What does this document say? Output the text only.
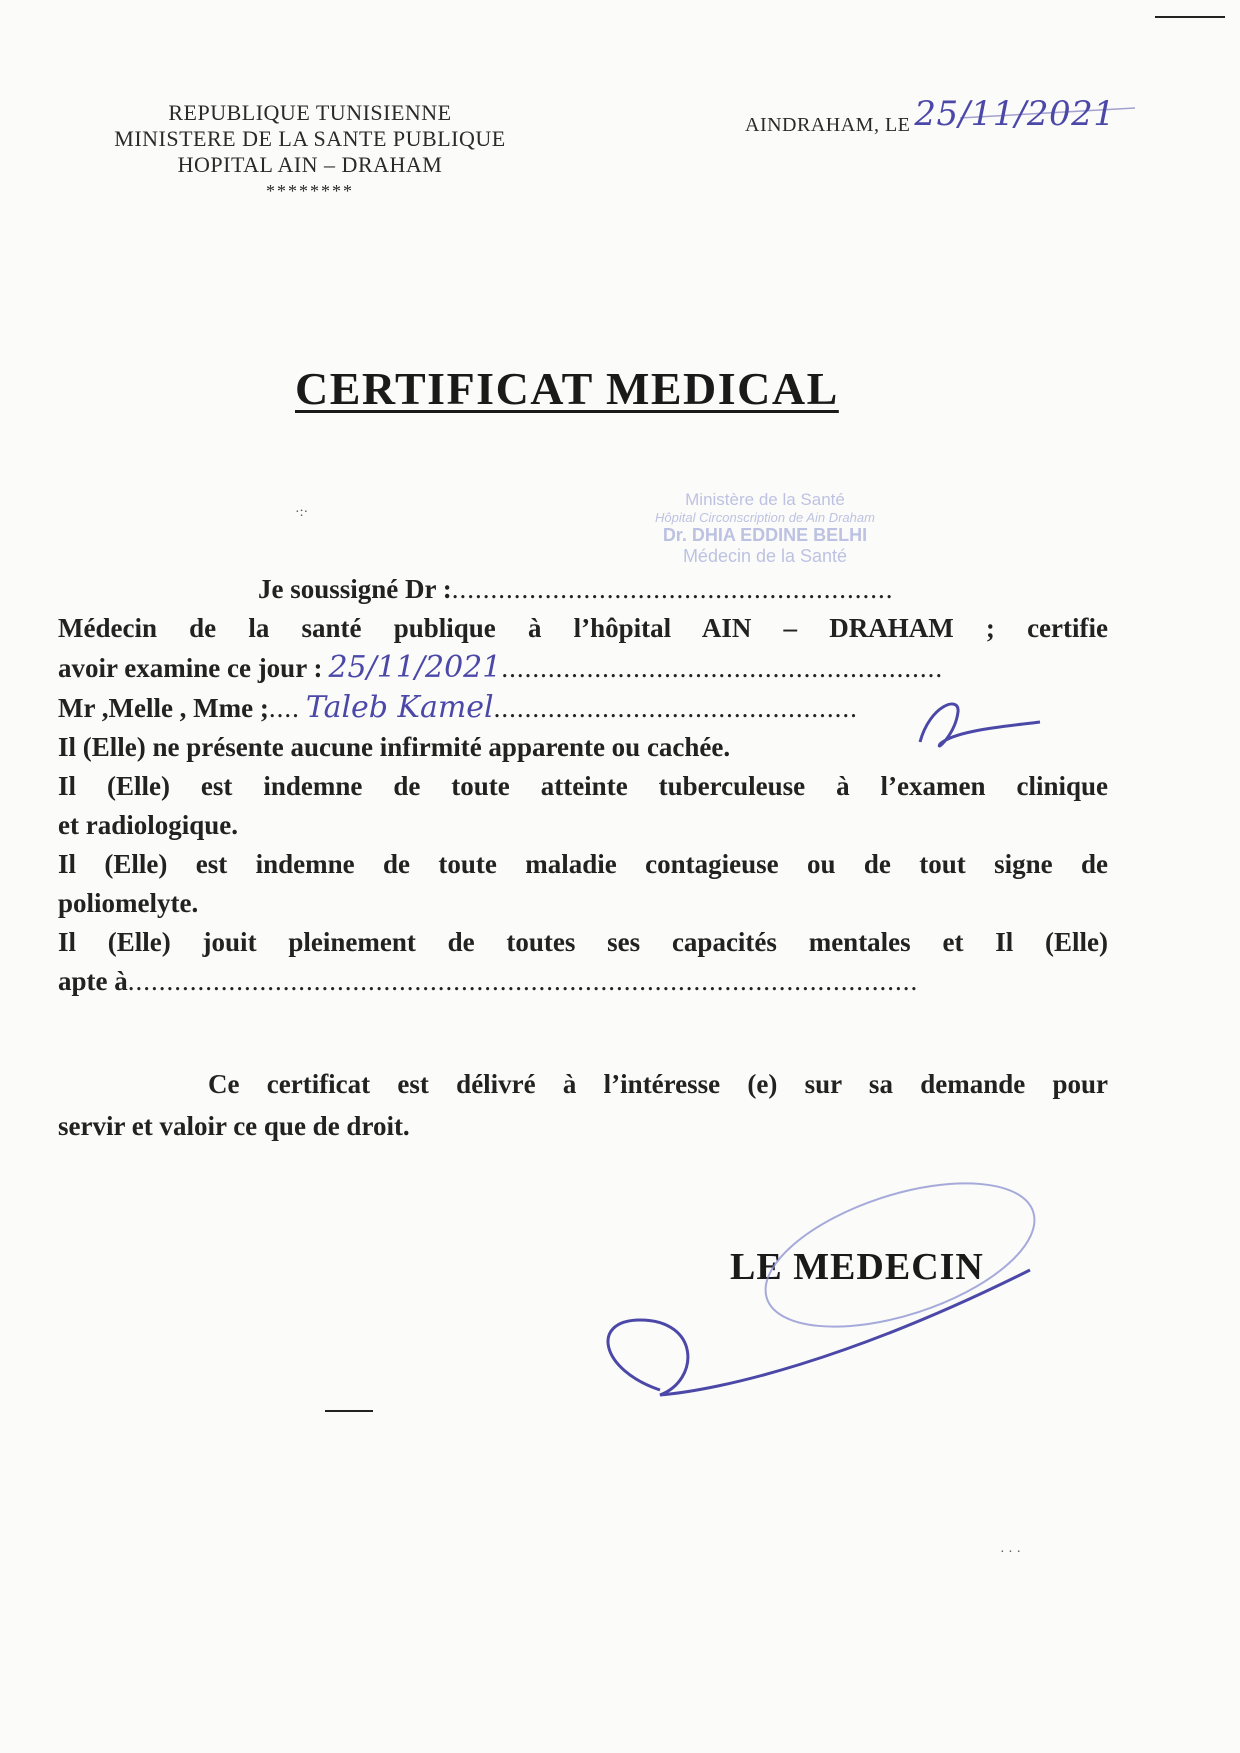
REPUBLIQUE TUNISIENNE
MINISTERE DE LA SANTE PUBLIQUE
HOPITAL AIN – DRAHAM
********
AINDRAHAM, LE 25/11/2021
CERTIFICAT MEDICAL
Ministère de la Santé
Hôpital Circonscription de Ain Draham
Dr. DHIA EDDINE BELHI
Médecin de la Santé
Je soussigné Dr :.........................................................
Médecin de la santé publique à l’hôpital AIN – DRAHAM ; certifie
avoir examine ce jour : 25/11/2021.........................................................
Mr ,Melle , Mme ;.... Taleb Kamel...............................................
Il (Elle) ne présente aucune infirmité apparente ou cachée.
Il (Elle) est indemne de toute atteinte tuberculeuse à l’examen clinique
et radiologique.
Il (Elle) est indemne de toute maladie contagieuse ou de tout signe de
poliomelyte.
Il (Elle) jouit pleinement de toutes ses capacités mentales et Il (Elle)
apte à......................................................................................................
Ce certificat est délivré à l’intéresse (e) sur sa demande pour
servir et valoir ce que de droit.
LE MEDECIN
·:·
· · ·
